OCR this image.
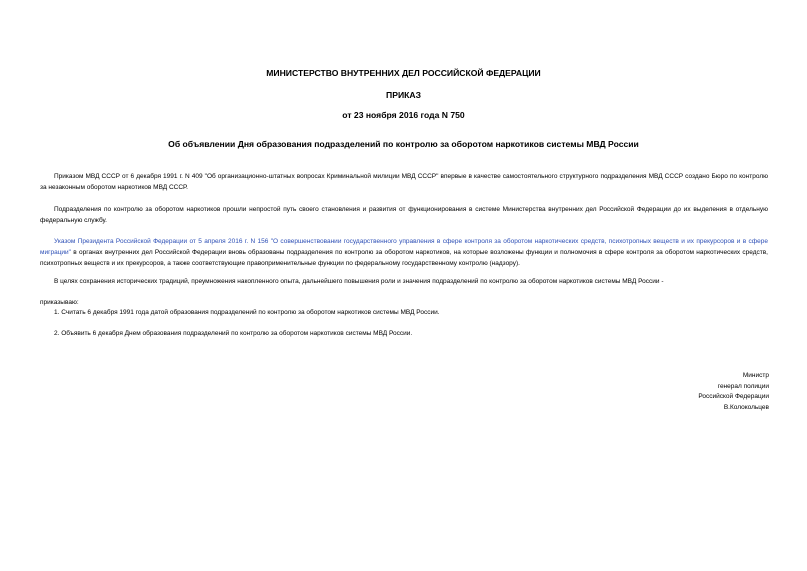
МИНИСТЕРСТВО ВНУТРЕННИХ ДЕЛ РОССИЙСКОЙ ФЕДЕРАЦИИ
ПРИКАЗ
от 23 ноября 2016 года N 750
Об объявлении Дня образования подразделений по контролю за оборотом наркотиков системы МВД России
Приказом МВД СССР от 6 декабря 1991 г. N 409 "Об организационно-штатных вопросах Криминальной милиции МВД СССР" впервые в качестве самостоятельного структурного подразделения МВД СССР создано Бюро по контролю за незаконным оборотом наркотиков МВД СССР.
Подразделения по контролю за оборотом наркотиков прошли непростой путь своего становления и развития от функционирования в системе Министерства внутренних дел Российской Федерации до их выделения в отдельную федеральную службу.
Указом Президента Российской Федерации от 5 апреля 2016 г. N 156 "О совершенствовании государственного управления в сфере контроля за оборотом наркотических средств, психотропных веществ и их прекурсоров и в сфере миграции" в органах внутренних дел Российской Федерации вновь образованы подразделения по контролю за оборотом наркотиков, на которые возложены функции и полномочия в сфере контроля за оборотом наркотических средств, психотропных веществ и их прекурсоров, а также соответствующие правоприменительные функции по федеральному государственному контролю (надзору).
В целях сохранения исторических традиций, преумножения накопленного опыта, дальнейшего повышения роли и значения подразделений по контролю за оборотом наркотиков системы МВД России -
приказываю:
1. Считать 6 декабря 1991 года датой образования подразделений по контролю за оборотом наркотиков системы МВД России.
2. Объявить 6 декабря Днем образования подразделений по контролю за оборотом наркотиков системы МВД России.
Министр
генерал полиции
Российской Федерации
В.Колокольцев
